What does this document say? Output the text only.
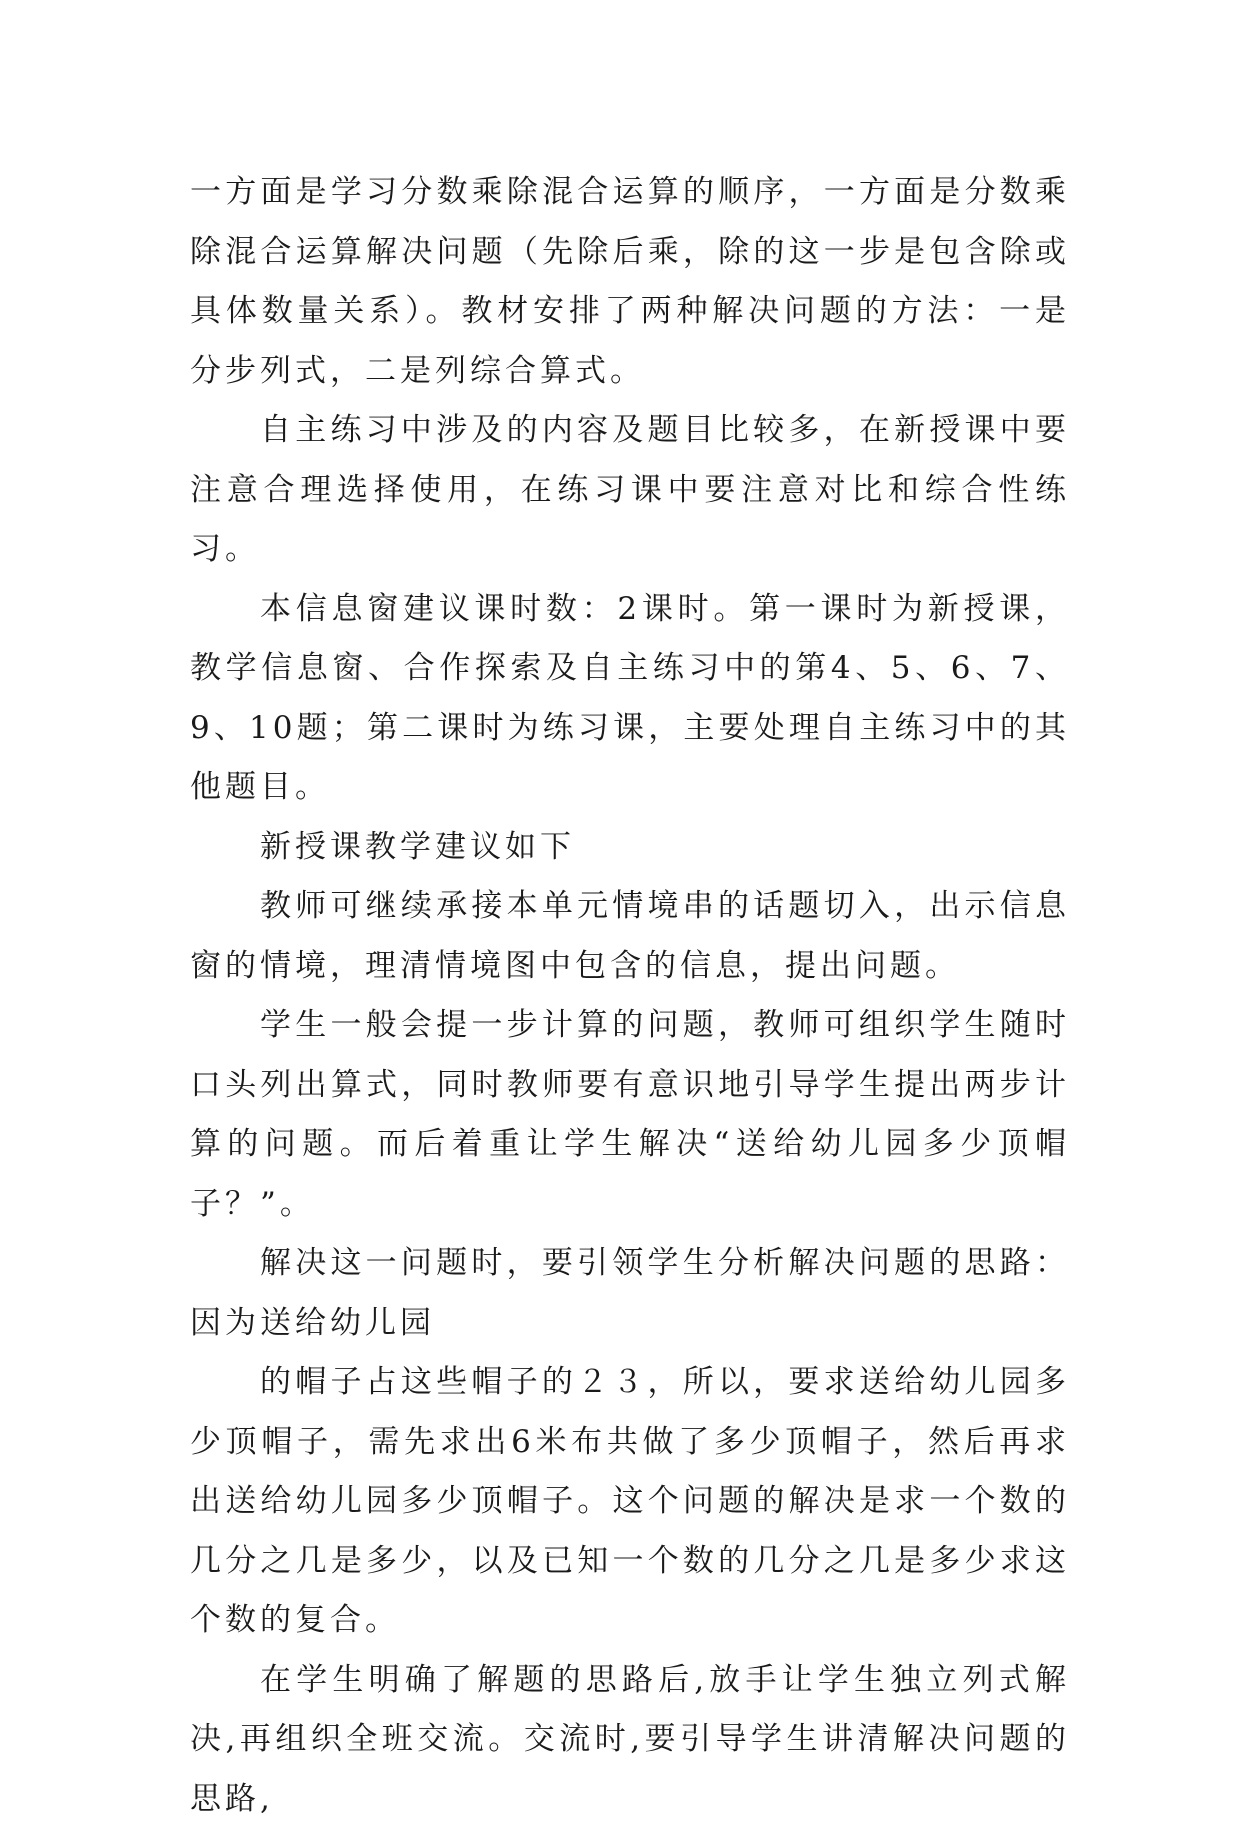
一方面是学习分数乘除混合运算的顺序，一方面是分数乘除混合运算解决问题（先除后乘，除的这一步是包含除或具体数量关系）。教材安排了两种解决问题的方法：一是分步列式，二是列综合算式。

自主练习中涉及的内容及题目比较多，在新授课中要注意合理选择使用，在练习课中要注意对比和综合性练习。

本信息窗建议课时数：2课时。第一课时为新授课，教学信息窗、合作探索及自主练习中的第4、5、6、7、9、10题；第二课时为练习课，主要处理自主练习中的其他题目。

新授课教学建议如下

教师可继续承接本单元情境串的话题切入，出示信息窗的情境，理清情境图中包含的信息，提出问题。

学生一般会提一步计算的问题，教师可组织学生随时口头列出算式，同时教师要有意识地引导学生提出两步计算的问题。而后着重让学生解决“送给幼儿园多少顶帽子？”。

解决这一问题时，要引领学生分析解决问题的思路：因为送给幼儿园

的帽子占这些帽子的２３，所以，要求送给幼儿园多少顶帽子，需先求出6米布共做了多少顶帽子，然后再求出送给幼儿园多少顶帽子。这个问题的解决是求一个数的几分之几是多少，以及已知一个数的几分之几是多少求这个数的复合。

在学生明确了解题的思路后,放手让学生独立列式解决,再组织全班交流。交流时,要引导学生讲清解决问题的思路,
